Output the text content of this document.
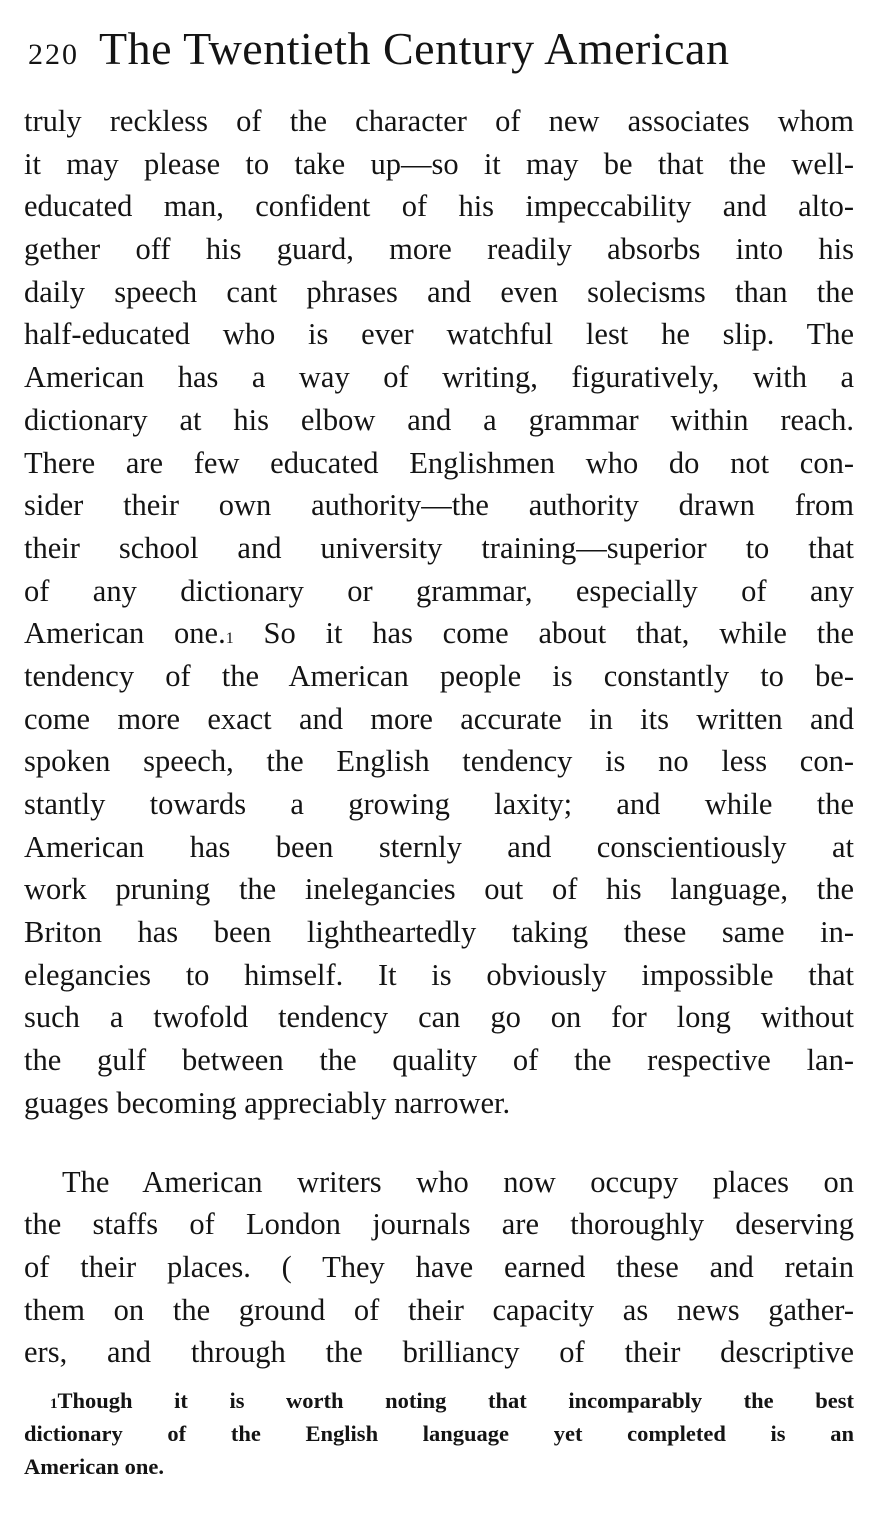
220 The Twentieth Century American
truly reckless of the character of new associates whom
it may please to take up—so it may be that the well-
educated man, confident of his impeccability and alto-
gether off his guard, more readily absorbs into his
daily speech cant phrases and even solecisms than the
half-educated who is ever watchful lest he slip. The
American has a way of writing, figuratively, with a
dictionary at his elbow and a grammar within reach.
There are few educated Englishmen who do not con-
sider their own authority—the authority drawn from
their school and university training—superior to that
of any dictionary or grammar, especially of any
American one.$^1$ So it has come about that, while the
tendency of the American people is constantly to be-
come more exact and more accurate in its written and
spoken speech, the English tendency is no less con-
stantly towards a growing laxity; and while the
American has been sternly and conscientiously at
work pruning the inelegancies out of his language, the
Briton has been lightheartedly taking these same in-
elegancies to himself. It is obviously impossible that
such a twofold tendency can go on for long without
the gulf between the quality of the respective lan-
guages becoming appreciably narrower.
The American writers who now occupy places on
the staffs of London journals are thoroughly deserving
of their places. ( They have earned these and retain
them on the ground of their capacity as news gather-
ers, and through the brilliancy of their descriptive
$^1$Though it is worth noting that incomparably the best
dictionary of the English language yet completed is an
American one.
